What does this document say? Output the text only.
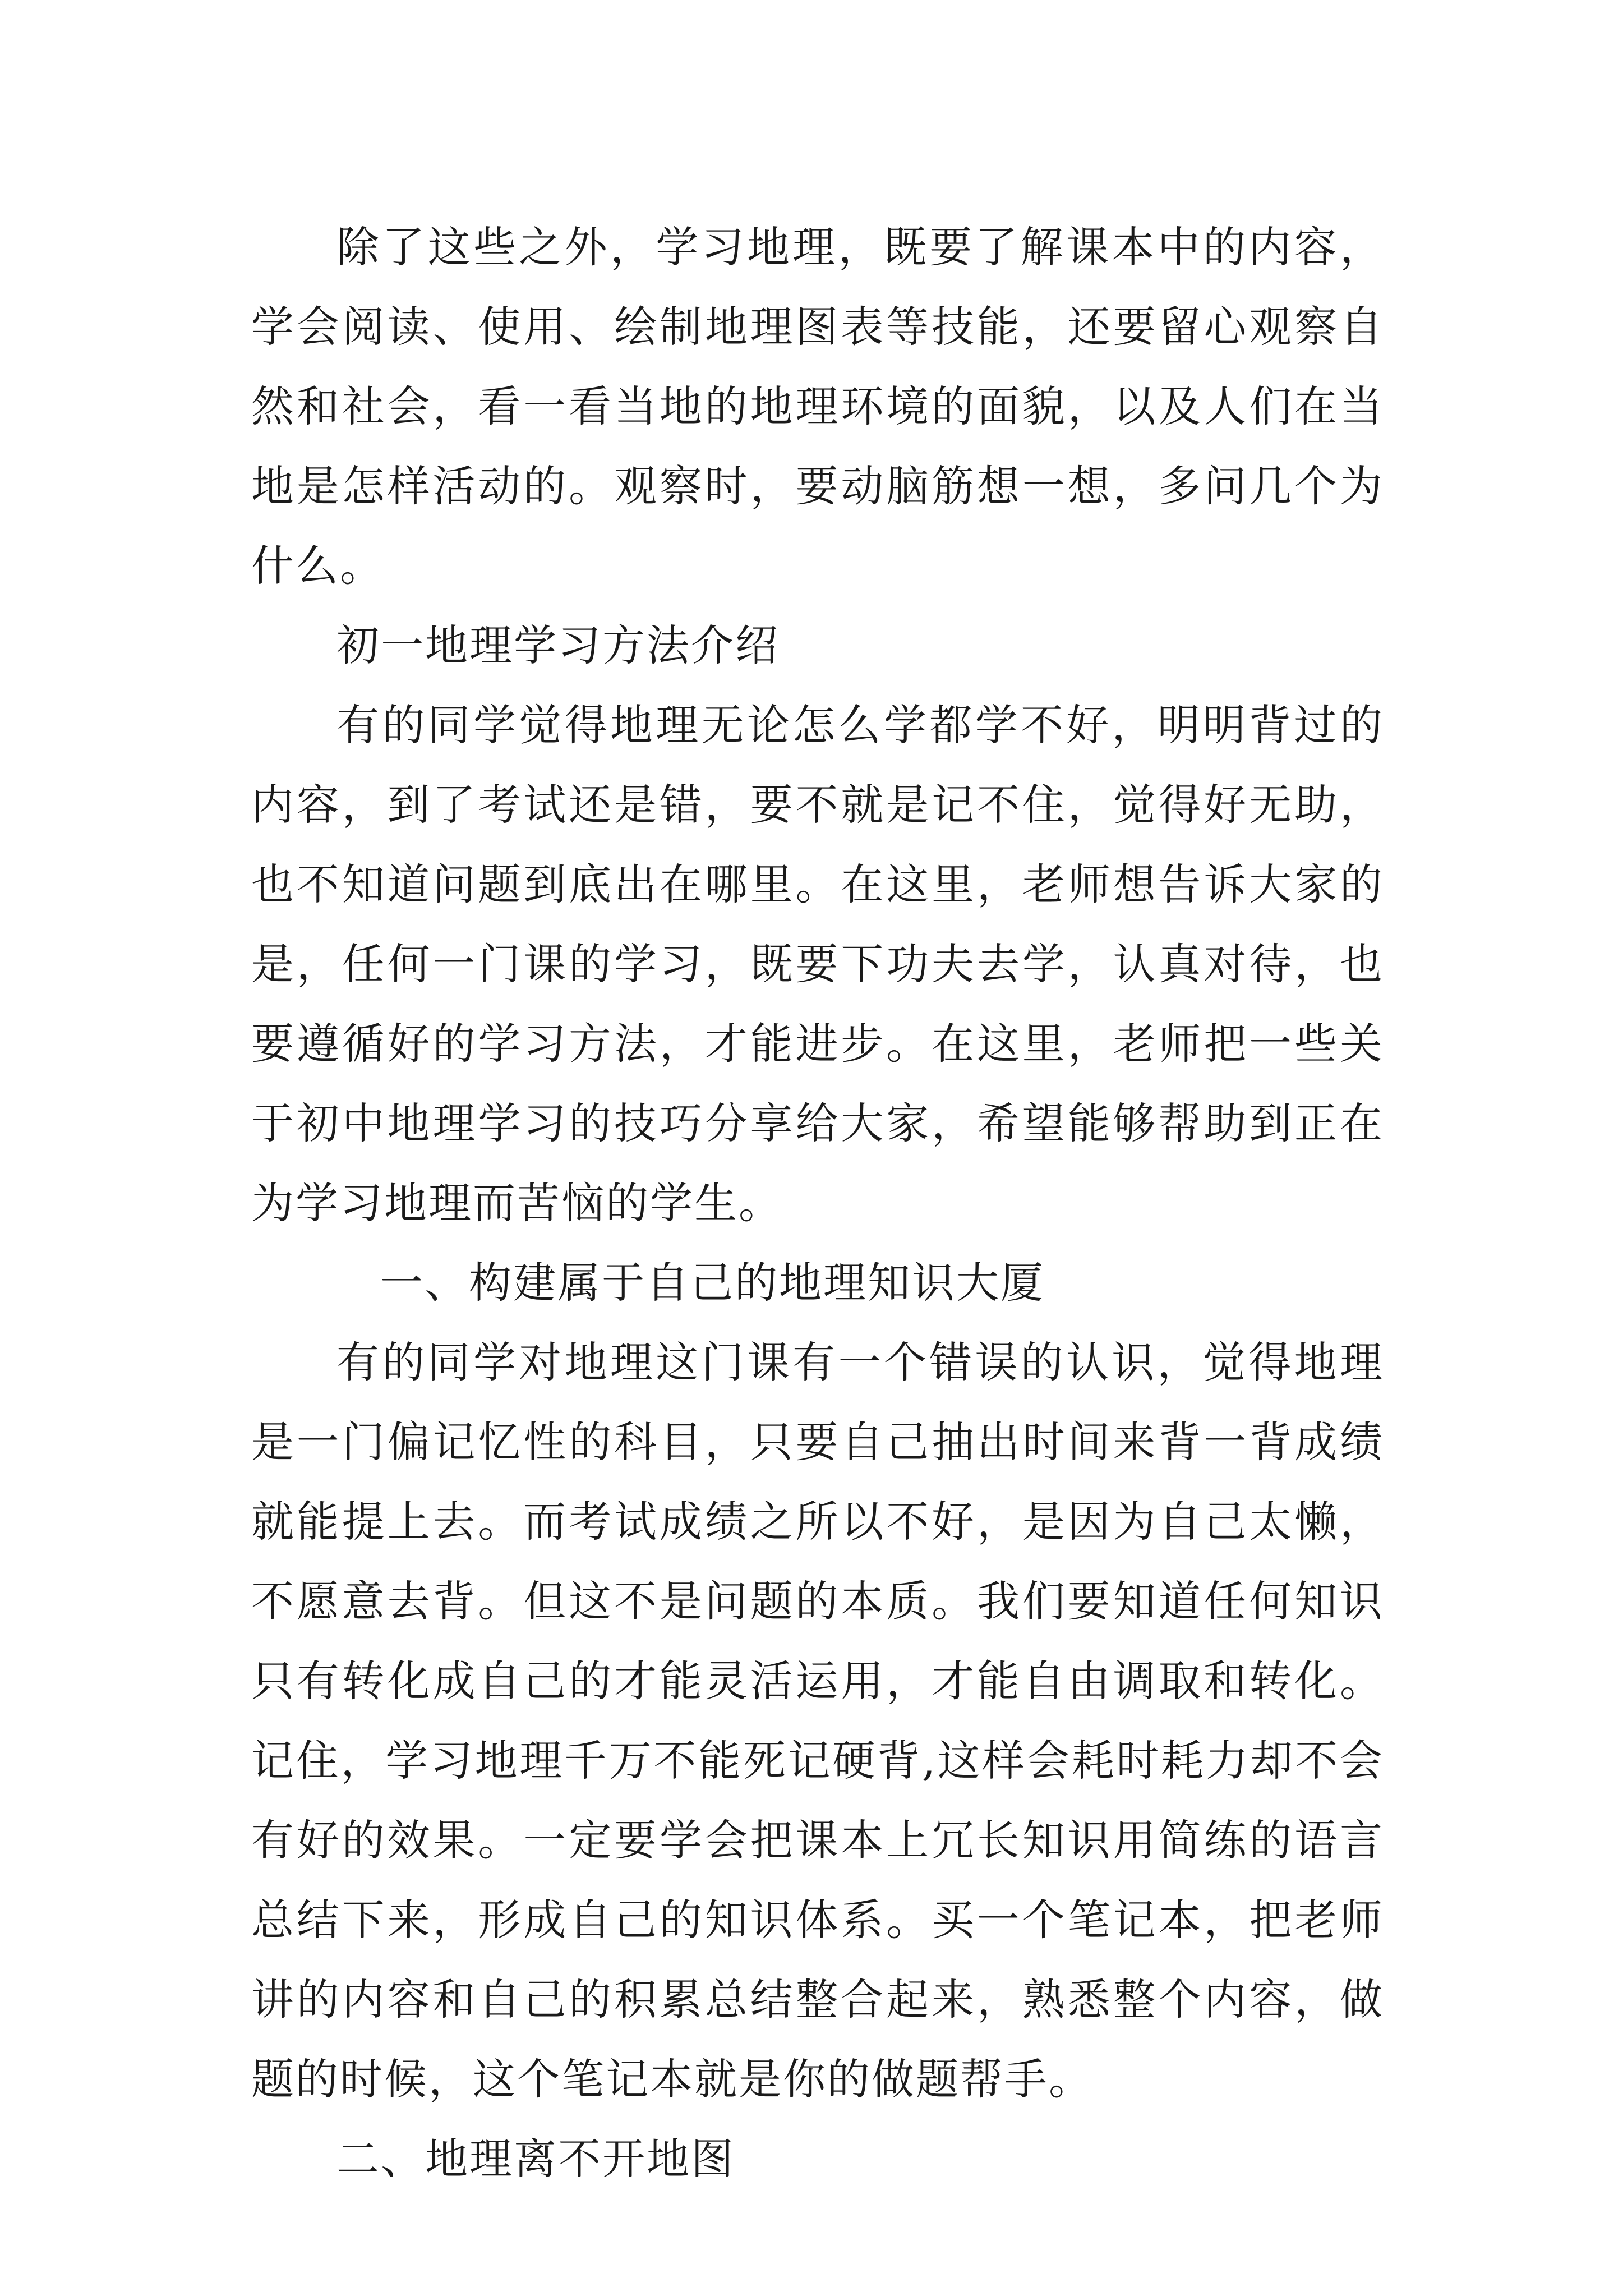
除了这些之外，学习地理，既要了解课本中的内容，学会阅读、使用、绘制地理图表等技能，还要留心观察自然和社会，看一看当地的地理环境的面貌，以及人们在当地是怎样活动的。观察时，要动脑筋想一想，多问几个为什么。

初一地理学习方法介绍

有的同学觉得地理无论怎么学都学不好，明明背过的内容，到了考试还是错，要不就是记不住，觉得好无助，也不知道问题到底出在哪里。在这里，老师想告诉大家的是，任何一门课的学习，既要下功夫去学，认真对待，也要遵循好的学习方法，才能进步。在这里，老师把一些关于初中地理学习的技巧分享给大家，希望能够帮助到正在为学习地理而苦恼的学生。

一、构建属于自己的地理知识大厦

有的同学对地理这门课有一个错误的认识，觉得地理是一门偏记忆性的科目，只要自己抽出时间来背一背成绩就能提上去。而考试成绩之所以不好，是因为自己太懒，不愿意去背。但这不是问题的本质。我们要知道任何知识只有转化成自己的才能灵活运用，才能自由调取和转化。记住，学习地理千万不能死记硬背,这样会耗时耗力却不会有好的效果。一定要学会把课本上冗长知识用简练的语言总结下来，形成自己的知识体系。买一个笔记本，把老师讲的内容和自己的积累总结整合起来，熟悉整个内容，做题的时候，这个笔记本就是你的做题帮手。

二、地理离不开地图
